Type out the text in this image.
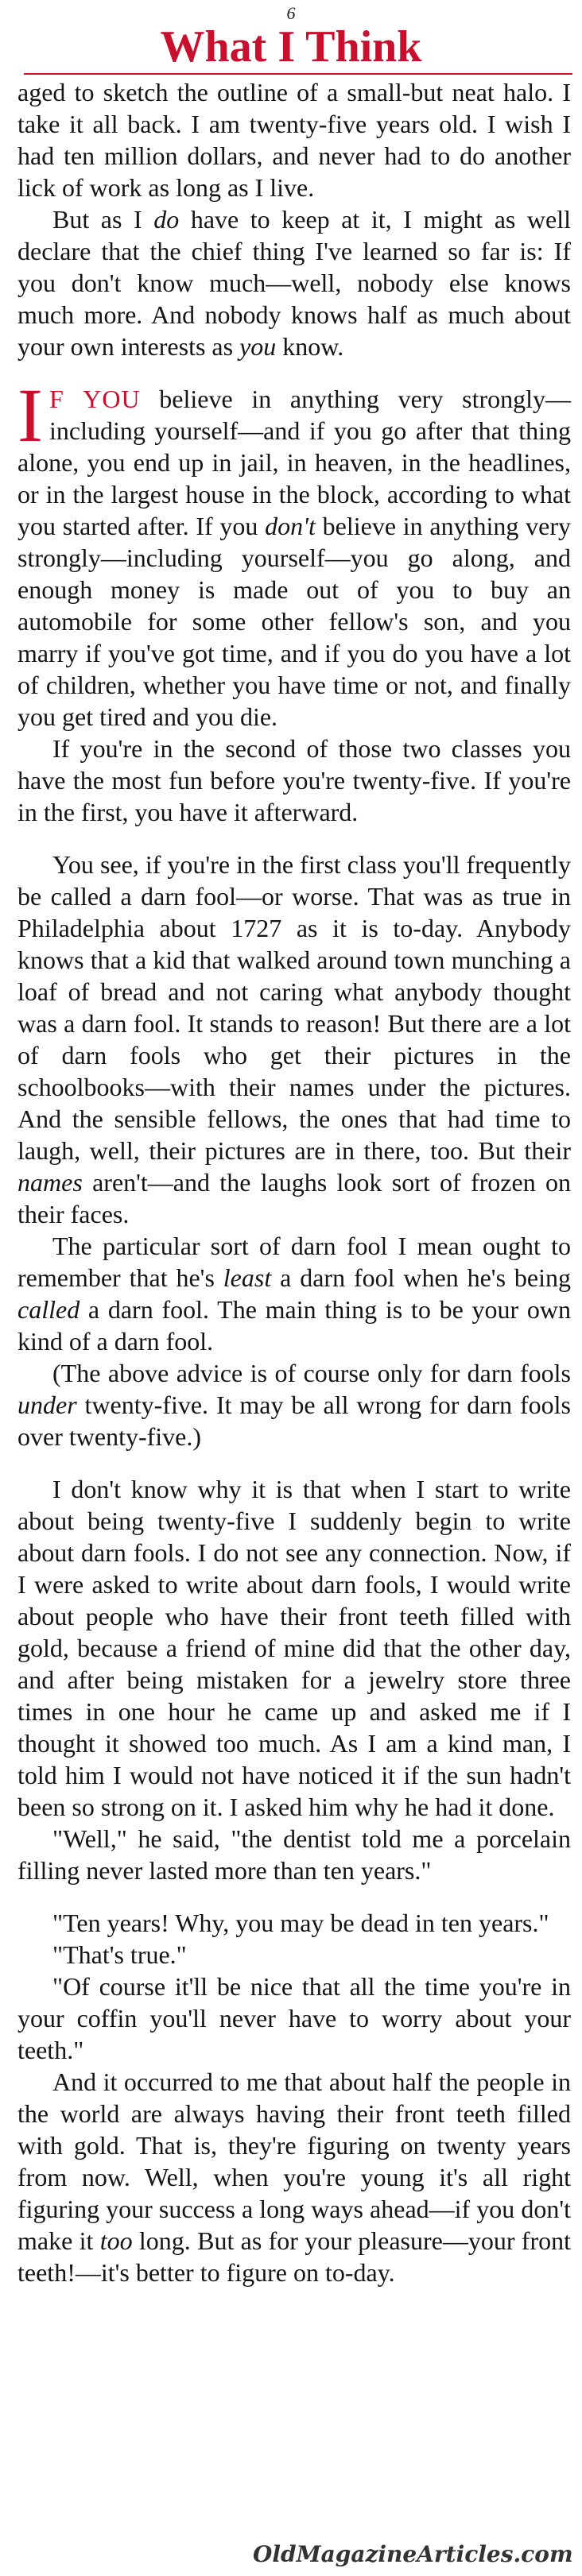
6
What I Think

aged to sketch the outline of a small-but neat halo. I take it all back. I am twenty-five years old. I wish I had ten million dollars, and never had to do another lick of work as long as I live.

But as I do have to keep at it, I might as well declare that the chief thing I've learned so far is: If you don't know much—well, nobody else knows much more. And nobody knows half as much about your own interests as you know.

I F YOU believe in anything very strongly—including yourself—and if you go after that thing alone, you end up in jail, in heaven, in the headlines, or in the largest house in the block, according to what you started after. If you don't believe in anything very strongly—including yourself—you go along, and enough money is made out of you to buy an automobile for some other fellow's son, and you marry if you've got time, and if you do you have a lot of children, whether you have time or not, and finally you get tired and you die.

If you're in the second of those two classes you have the most fun before you're twenty-five. If you're in the first, you have it afterward.

You see, if you're in the first class you'll frequently be called a darn fool—or worse. That was as true in Philadelphia about 1727 as it is to-day. Anybody knows that a kid that walked around town munching a loaf of bread and not caring what anybody thought was a darn fool. It stands to reason! But there are a lot of darn fools who get their pictures in the schoolbooks—with their names under the pictures. And the sensible fellows, the ones that had time to laugh, well, their pictures are in there, too. But their names aren't—and the laughs look sort of frozen on their faces.

The particular sort of darn fool I mean ought to remember that he's least a darn fool when he's being called a darn fool. The main thing is to be your own kind of a darn fool.

(The above advice is of course only for darn fools under twenty-five. It may be all wrong for darn fools over twenty-five.)

I don't know why it is that when I start to write about being twenty-five I suddenly begin to write about darn fools. I do not see any connection. Now, if I were asked to write about darn fools, I would write about people who have their front teeth filled with gold, because a friend of mine did that the other day, and after being mistaken for a jewelry store three times in one hour he came up and asked me if I thought it showed too much. As I am a kind man, I told him I would not have noticed it if the sun hadn't been so strong on it. I asked him why he had it done.

"Well," he said, "the dentist told me a porcelain filling never lasted more than ten years."

"Ten years! Why, you may be dead in ten years."

"That's true."

"Of course it'll be nice that all the time you're in your coffin you'll never have to worry about your teeth."

And it occurred to me that about half the people in the world are always having their front teeth filled with gold. That is, they're figuring on twenty years from now. Well, when you're young it's all right figuring your success a long ways ahead—if you don't make it too long. But as for your pleasure—your front teeth!—it's better to figure on to-day.

OldMagazineArticles.com
